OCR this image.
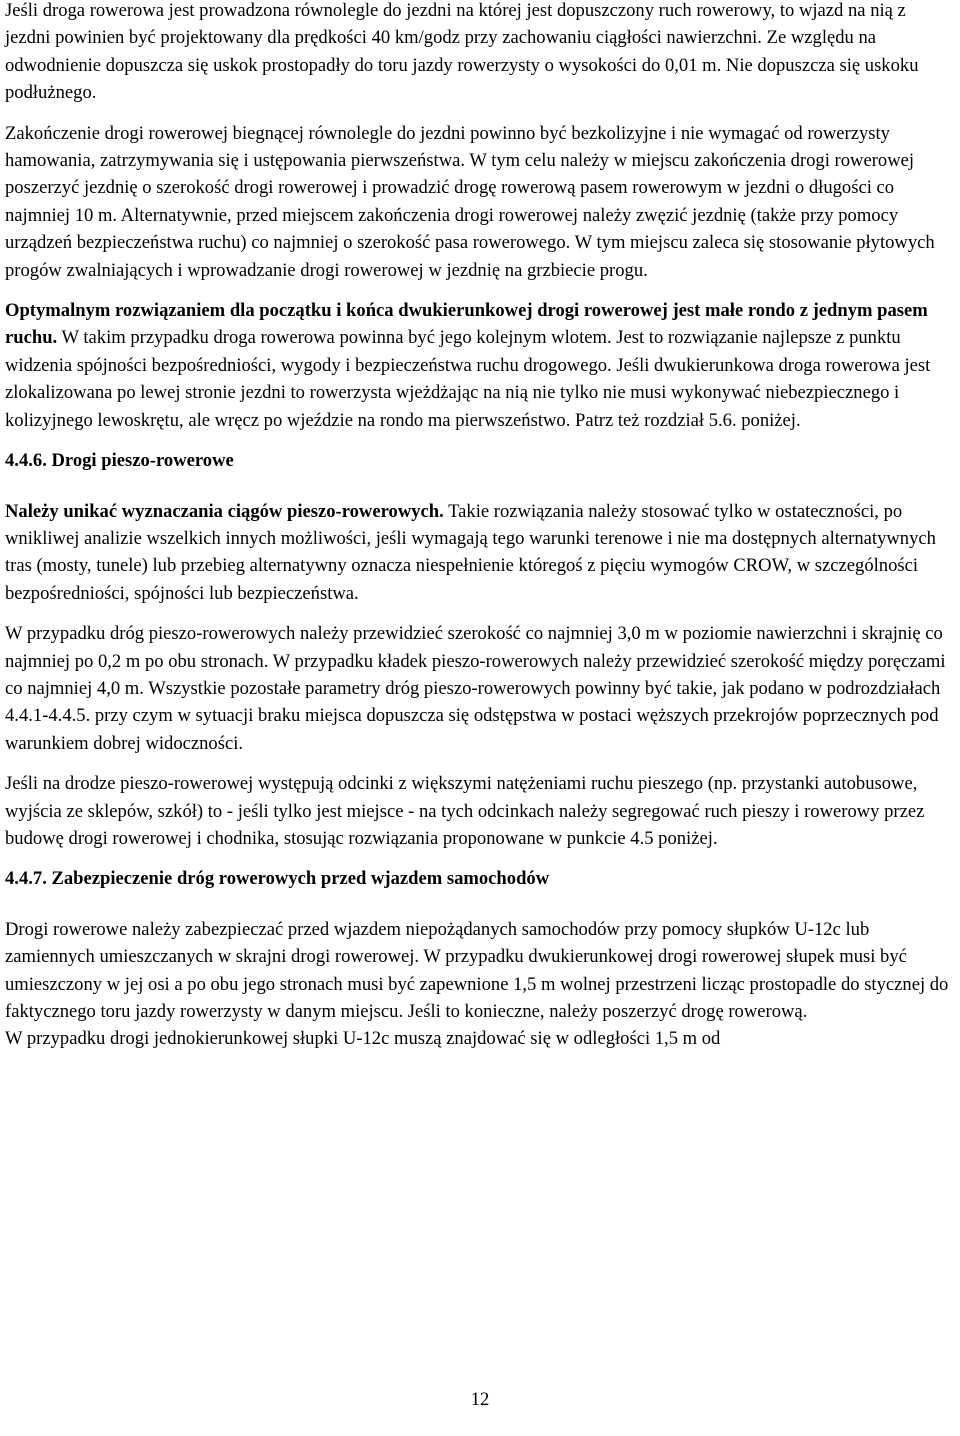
Jeśli droga rowerowa jest prowadzona równolegle do jezdni na której jest dopuszczony ruch rowerowy, to wjazd na nią z jezdni powinien być projektowany dla prędkości 40 km/godz przy zachowaniu ciągłości nawierzchni. Ze względu na odwodnienie dopuszcza się uskok prostopadły do toru jazdy rowerzysty o wysokości do 0,01 m. Nie dopuszcza się uskoku podłużnego.

Zakończenie drogi rowerowej biegnącej równolegle do jezdni powinno być bezkolizyjne i nie wymagać od rowerzysty hamowania, zatrzymywania się i ustępowania pierwszeństwa. W tym celu należy w miejscu zakończenia drogi rowerowej poszerzyć jezdnię o szerokość drogi rowerowej i prowadzić drogę rowerową pasem rowerowym w jezdni o długości co najmniej 10 m. Alternatywnie, przed miejscem zakończenia drogi rowerowej należy zwęzić jezdnię (także przy pomocy urządzeń bezpieczeństwa ruchu) co najmniej o szerokość pasa rowerowego. W tym miejscu zaleca się stosowanie płytowych progów zwalniających i wprowadzanie drogi rowerowej w jezdnię na grzbiecie progu.

Optymalnym rozwiązaniem dla początku i końca dwukierunkowej drogi rowerowej jest małe rondo z jednym pasem ruchu. W takim przypadku droga rowerowa powinna być jego kolejnym wlotem. Jest to rozwiązanie najlepsze z punktu widzenia spójności bezpośredniości, wygody i bezpieczeństwa ruchu drogowego. Jeśli dwukierunkowa droga rowerowa jest zlokalizowana po lewej stronie jezdni to rowerzysta wjeżdżając na nią nie tylko nie musi wykonywać niebezpiecznego i kolizyjnego lewoskrętu, ale wręcz po wjeździe na rondo ma pierwszeństwo. Patrz też rozdział 5.6. poniżej.

4.4.6. Drogi pieszo-rowerowe

Należy unikać wyznaczania ciągów pieszo-rowerowych. Takie rozwiązania należy stosować tylko w ostateczności, po wnikliwej analizie wszelkich innych możliwości, jeśli wymagają tego warunki terenowe i nie ma dostępnych alternatywnych tras (mosty, tunele) lub przebieg alternatywny oznacza niespełnienie któregoś z pięciu wymogów CROW, w szczególności bezpośredniości, spójności lub bezpieczeństwa.

W przypadku dróg pieszo-rowerowych należy przewidzieć szerokość co najmniej 3,0 m w poziomie nawierzchni i skrajnię co najmniej po 0,2 m po obu stronach. W przypadku kładek pieszo-rowerowych należy przewidzieć szerokość między poręczami co najmniej 4,0 m. Wszystkie pozostałe parametry dróg pieszo-rowerowych powinny być takie, jak podano w podrozdziałach 4.4.1-4.4.5. przy czym w sytuacji braku miejsca dopuszcza się odstępstwa w postaci węższych przekrojów poprzecznych pod warunkiem dobrej widoczności.

Jeśli na drodze pieszo-rowerowej występują odcinki z większymi natężeniami ruchu pieszego (np. przystanki autobusowe, wyjścia ze sklepów, szkół) to - jeśli tylko jest miejsce - na tych odcinkach należy segregować ruch pieszy i rowerowy przez budowę drogi rowerowej i chodnika, stosując rozwiązania proponowane w punkcie 4.5 poniżej.

4.4.7. Zabezpieczenie dróg rowerowych przed wjazdem samochodów

Drogi rowerowe należy zabezpieczać przed wjazdem niepożądanych samochodów przy pomocy słupków U-12c lub zamiennych umieszczanych w skrajni drogi rowerowej. W przypadku dwukierunkowej drogi rowerowej słupek musi być umieszczony w jej osi a po obu jego stronach musi być zapewnione 1,5 m wolnej przestrzeni licząc prostopadle do stycznej do faktycznego toru jazdy rowerzysty w danym miejscu. Jeśli to konieczne, należy poszerzyć drogę rowerową.

W przypadku drogi jednokierunkowej słupki U-12c muszą znajdować się w odległości 1,5 m od

12
